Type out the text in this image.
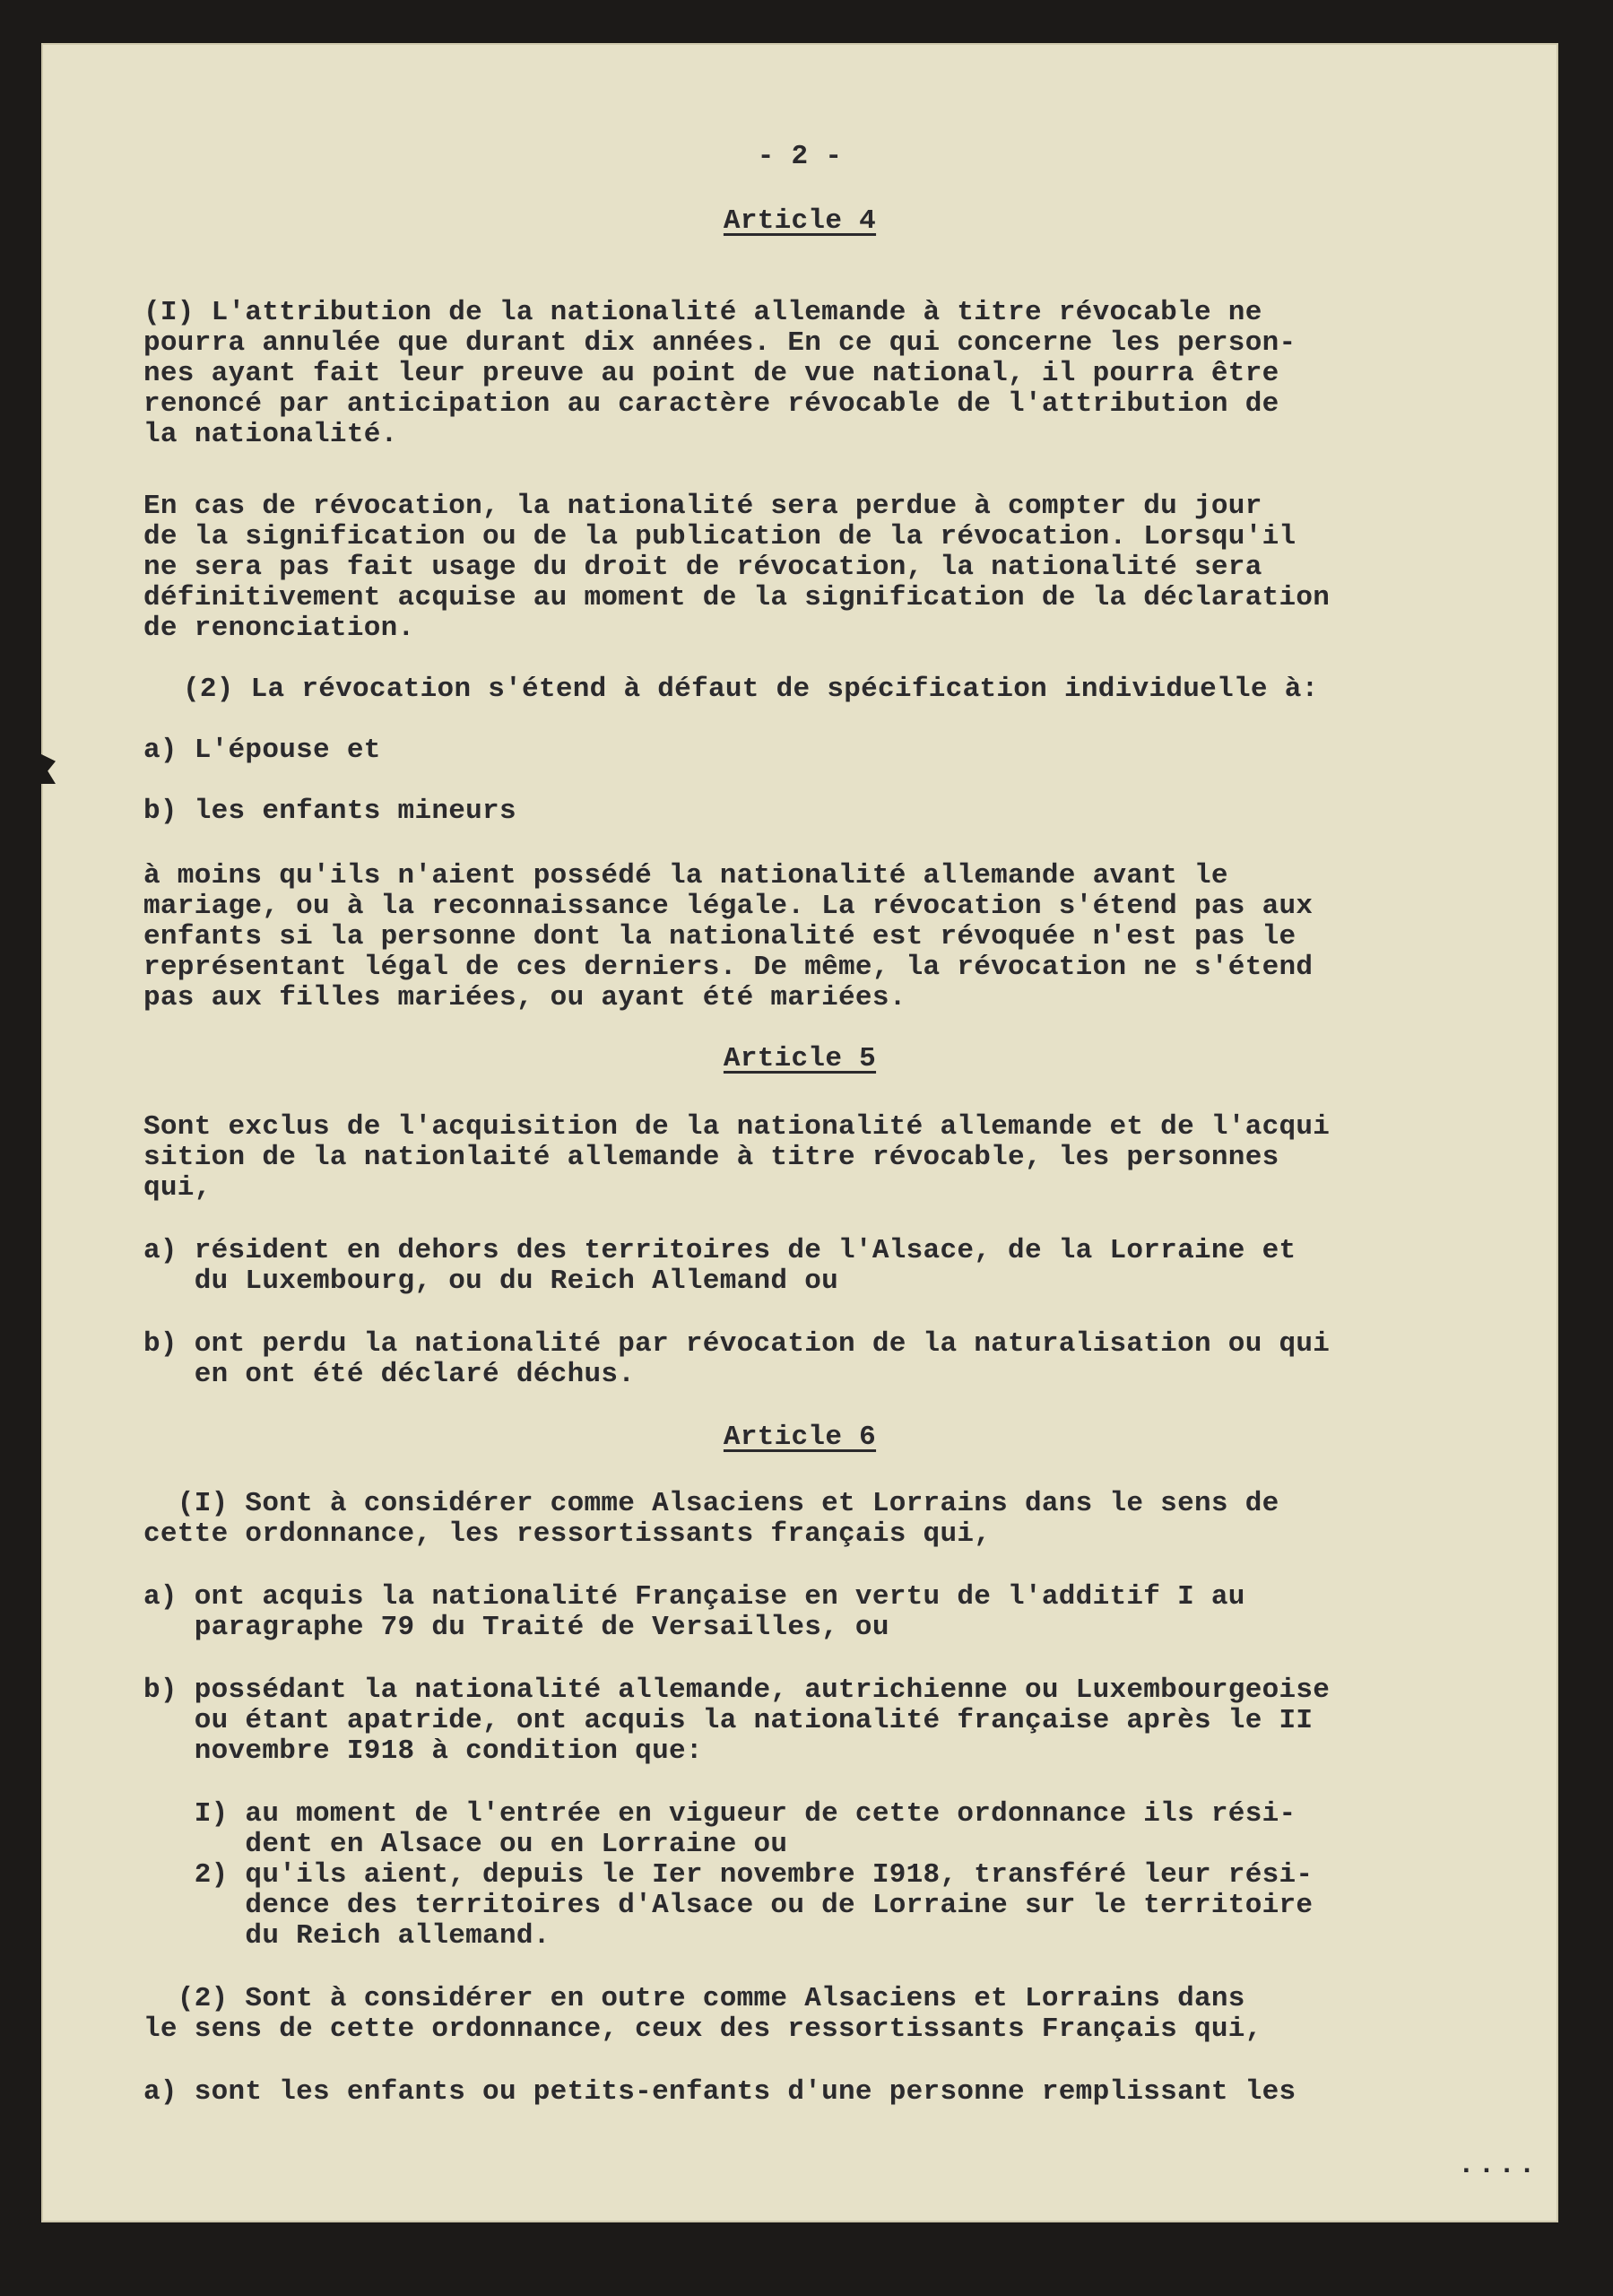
- 2 -
Article 4
(I) L'attribution de la nationalité allemande à titre révocable ne
pourra annulée que durant dix années. En ce qui concerne les person-
nes ayant fait leur preuve au point de vue national, il pourra être
renoncé par anticipation au caractère révocable de l'attribution de
la nationalité.
En cas de révocation, la nationalité sera perdue à compter du jour
de la signification ou de la publication de la révocation. Lorsqu'il
ne sera pas fait usage du droit de révocation, la nationalité sera
définitivement acquise au moment de la signification de la déclaration
de renonciation.
(2) La révocation s'étend à défaut de spécification individuelle à:
a) L'épouse et
b) les enfants mineurs
à moins qu'ils n'aient possédé la nationalité allemande avant le
mariage, ou à la reconnaissance légale. La révocation s'étend pas aux
enfants si la personne dont la nationalité est révoquée n'est pas le
représentant légal de ces derniers. De même, la révocation ne s'étend
pas aux filles mariées, ou ayant été mariées.
Article 5
Sont exclus de l'acquisition de la nationalité allemande et de l'acqui
sition de la nationlaité allemande à titre révocable, les personnes
qui,
a) résident en dehors des territoires de l'Alsace, de la Lorraine et
du Luxembourg, ou du Reich Allemand ou
b) ont perdu la nationalité par révocation de la naturalisation ou qui
en ont été déclaré déchus.
Article 6
(I) Sont à considérer comme Alsaciens et Lorrains dans le sens de
cette ordonnance, les ressortissants français qui,
a) ont acquis la nationalité Française en vertu de l'additif I au
paragraphe 79 du Traité de Versailles, ou
b) possédant la nationalité allemande, autrichienne ou Luxembourgeoise
ou étant apatride, ont acquis la nationalité française après le II
novembre I918 à condition que:
I) au moment de l'entrée en vigueur de cette ordonnance ils rési-
dent en Alsace ou en Lorraine ou
2) qu'ils aient, depuis le Ier novembre I918, transféré leur rési-
dence des territoires d'Alsace ou de Lorraine sur le territoire
du Reich allemand.
(2) Sont à considérer en outre comme Alsaciens et Lorrains dans
le sens de cette ordonnance, ceux des ressortissants Français qui,
a) sont les enfants ou petits-enfants d'une personne remplissant les
....
